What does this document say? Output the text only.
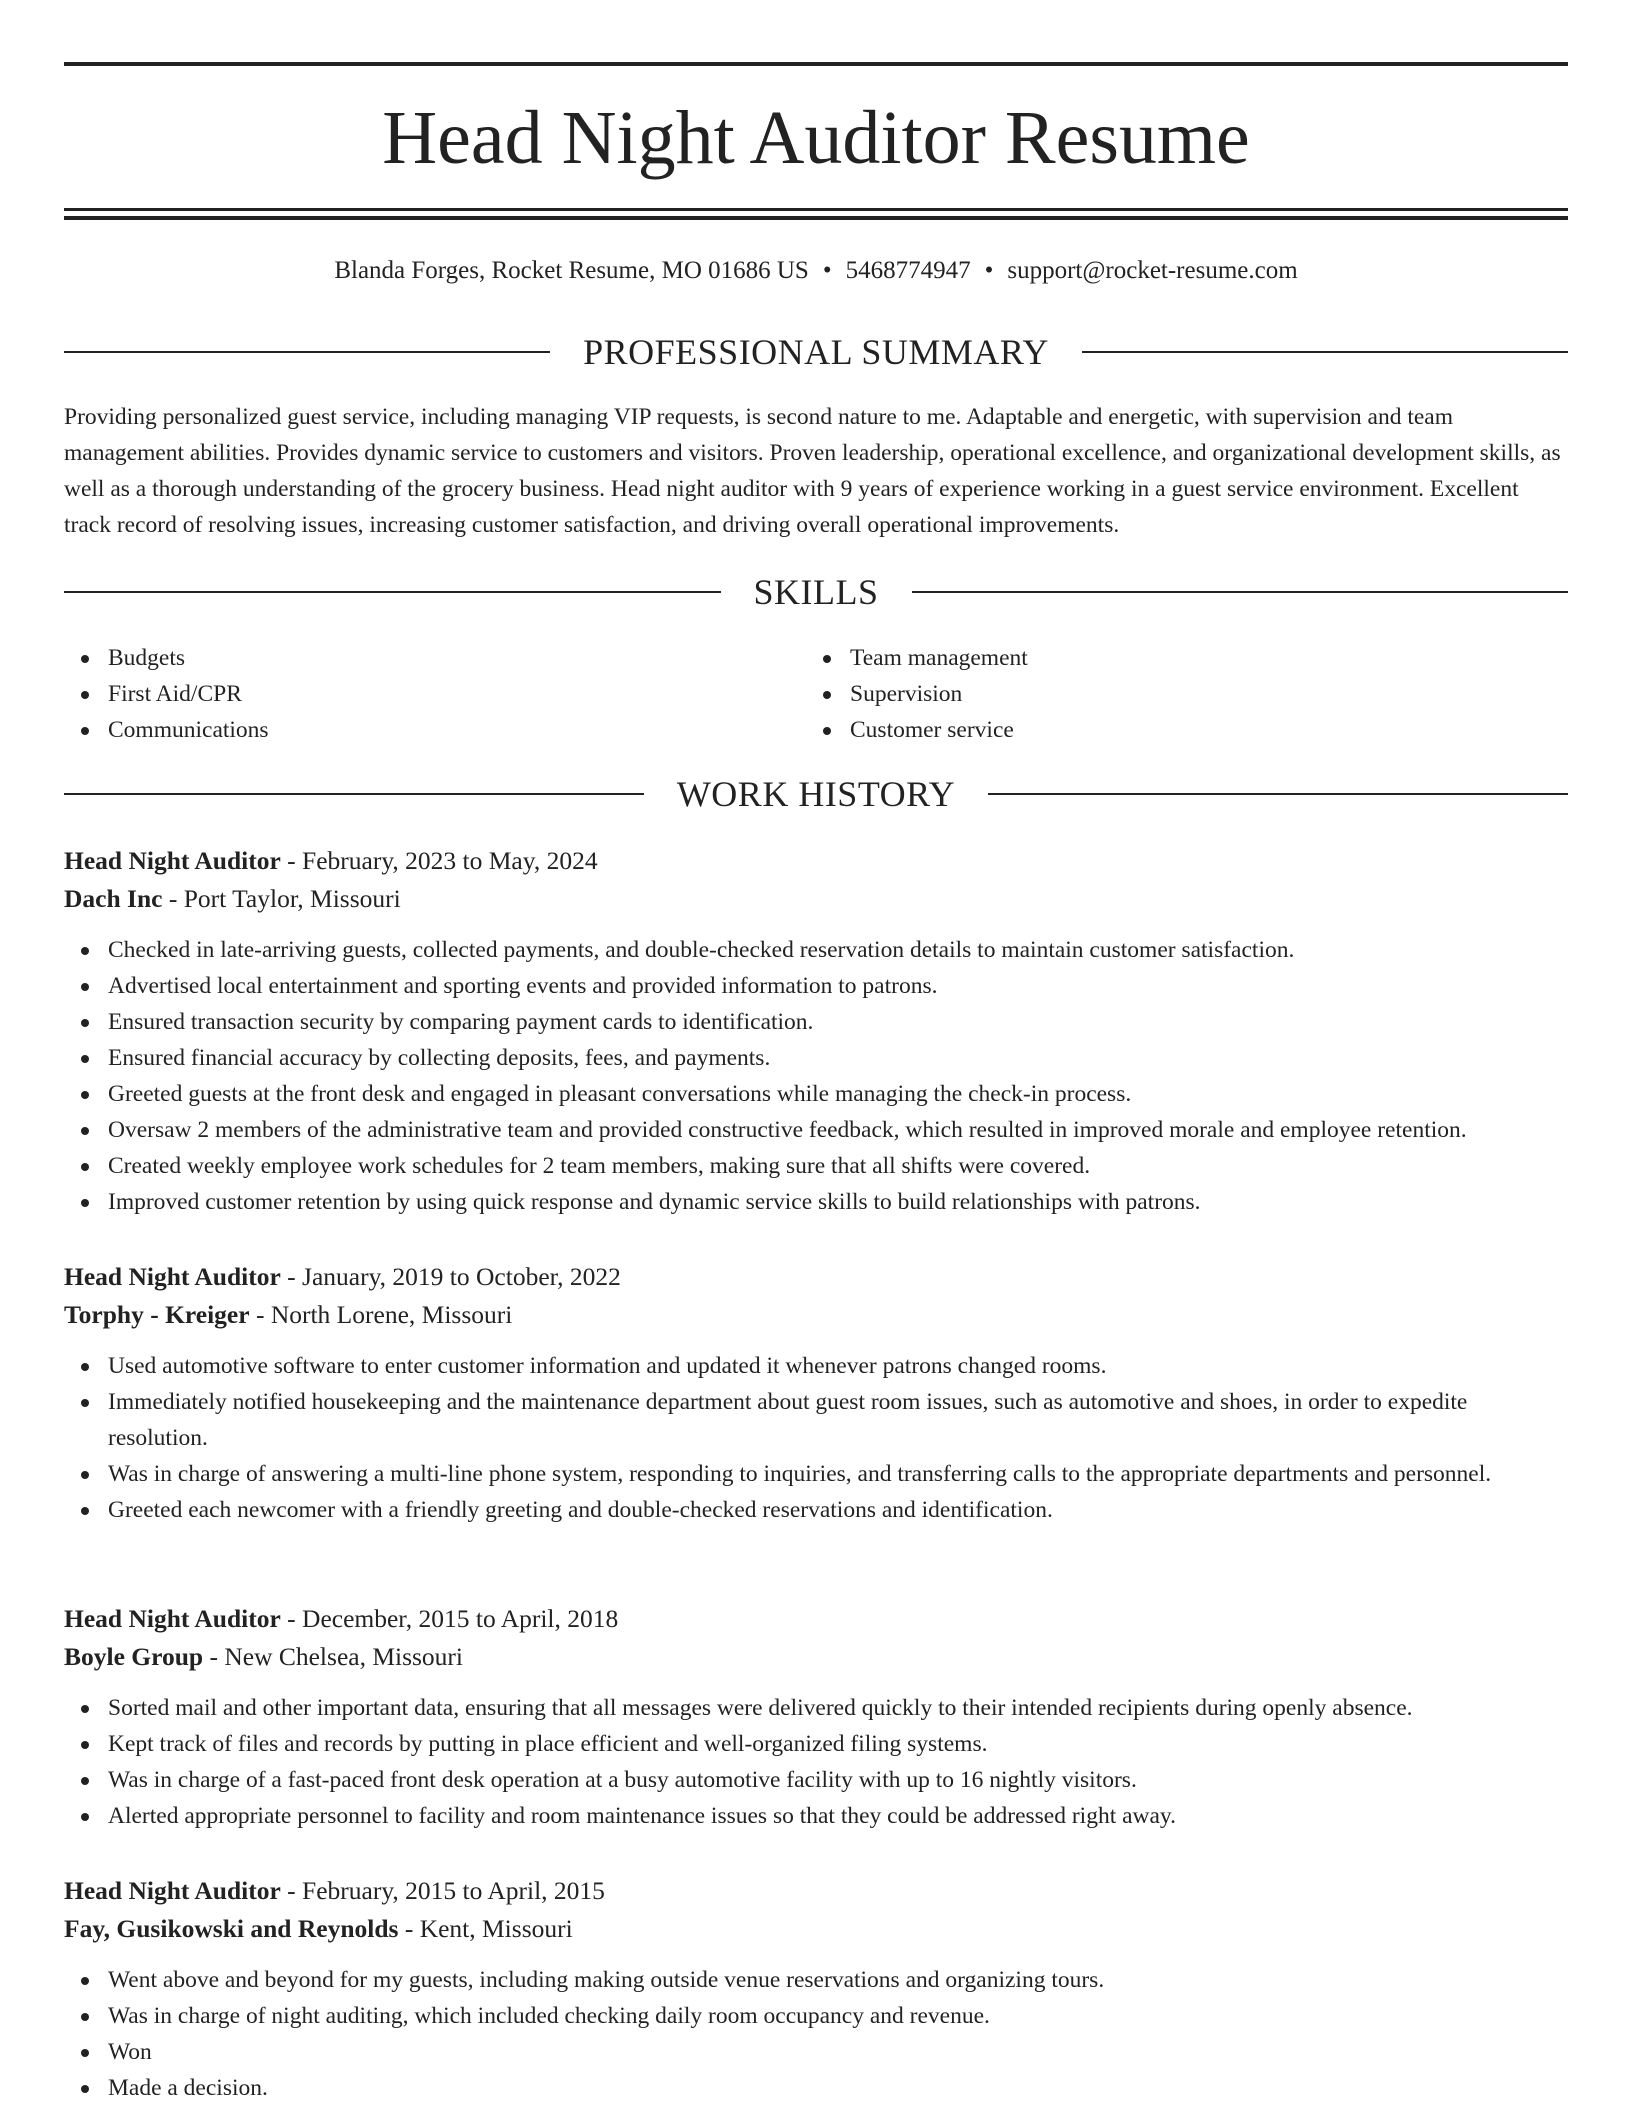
Head Night Auditor Resume
Blanda Forges, Rocket Resume, MO 01686 US • 5468774947 • support@rocket-resume.com
PROFESSIONAL SUMMARY

Providing personalized guest service, including managing VIP requests, is second nature to me. Adaptable and energetic, with supervision and team management abilities. Provides dynamic service to customers and visitors. Proven leadership, operational excellence, and organizational development skills, as well as a thorough understanding of the grocery business. Head night auditor with 9 years of experience working in a guest service environment. Excellent track record of resolving issues, increasing customer satisfaction, and driving overall operational improvements.

SKILLS
Budgets
First Aid/CPR
Communications
Team management
Supervision
Customer service
WORK HISTORY
Head Night Auditor - February, 2023 to May, 2024
Dach Inc - Port Taylor, Missouri
Checked in late-arriving guests, collected payments, and double-checked reservation details to maintain customer satisfaction.
Advertised local entertainment and sporting events and provided information to patrons.
Ensured transaction security by comparing payment cards to identification.
Ensured financial accuracy by collecting deposits, fees, and payments.
Greeted guests at the front desk and engaged in pleasant conversations while managing the check-in process.
Oversaw 2 members of the administrative team and provided constructive feedback, which resulted in improved morale and employee retention.
Created weekly employee work schedules for 2 team members, making sure that all shifts were covered.
Improved customer retention by using quick response and dynamic service skills to build relationships with patrons.
Head Night Auditor - January, 2019 to October, 2022
Torphy - Kreiger - North Lorene, Missouri
Used automotive software to enter customer information and updated it whenever patrons changed rooms.
Immediately notified housekeeping and the maintenance department about guest room issues, such as automotive and shoes, in order to expedite resolution.
Was in charge of answering a multi-line phone system, responding to inquiries, and transferring calls to the appropriate departments and personnel.
Greeted each newcomer with a friendly greeting and double-checked reservations and identification.
Head Night Auditor - December, 2015 to April, 2018
Boyle Group - New Chelsea, Missouri
Sorted mail and other important data, ensuring that all messages were delivered quickly to their intended recipients during openly absence.
Kept track of files and records by putting in place efficient and well-organized filing systems.
Was in charge of a fast-paced front desk operation at a busy automotive facility with up to 16 nightly visitors.
Alerted appropriate personnel to facility and room maintenance issues so that they could be addressed right away.
Head Night Auditor - February, 2015 to April, 2015
Fay, Gusikowski and Reynolds - Kent, Missouri
Went above and beyond for my guests, including making outside venue reservations and organizing tours.
Was in charge of night auditing, which included checking daily room occupancy and revenue.
Won
Made a decision.
